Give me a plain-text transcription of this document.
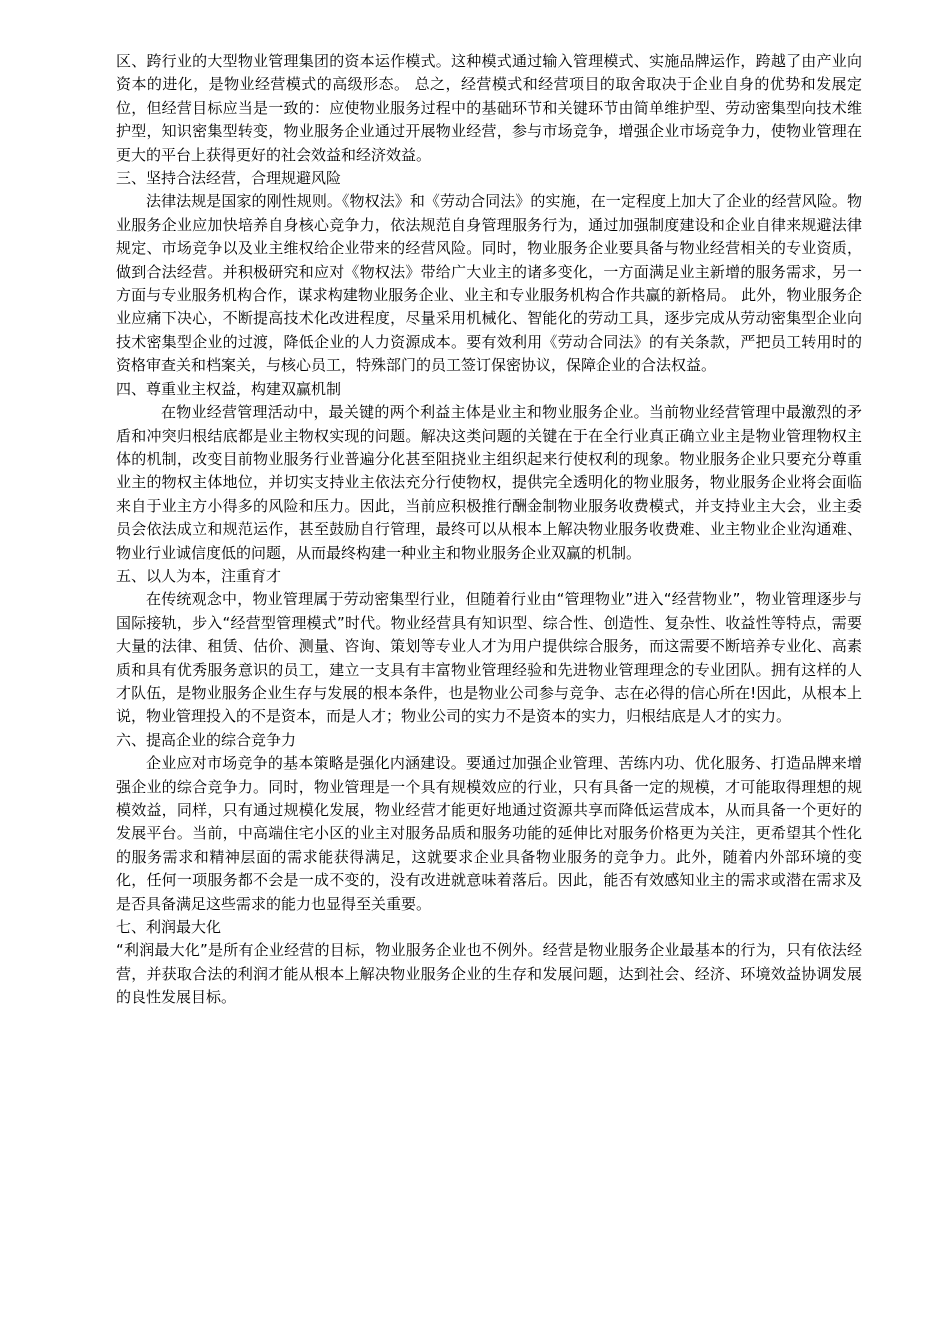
区、跨行业的大型物业管理集团的资本运作模式。这种模式通过输入管理模式、实施品牌运作，跨越了由产业向资本的进化，是物业经营模式的高级形态。 总之，经营模式和经营项目的取舍取决于企业自身的优势和发展定位，但经营目标应当是一致的：应使物业服务过程中的基础环节和关键环节由简单维护型、劳动密集型向技术维护型，知识密集型转变，物业服务企业通过开展物业经营，参与市场竞争，增强企业市场竞争力，使物业管理在更大的平台上获得更好的社会效益和经济效益。

三、坚持合法经营，合理规避风险

法律法规是国家的刚性规则。《物权法》和《劳动合同法》的实施，在一定程度上加大了企业的经营风险。物业服务企业应加快培养自身核心竞争力，依法规范自身管理服务行为，通过加强制度建设和企业自律来规避法律规定、市场竞争以及业主维权给企业带来的经营风险。同时，物业服务企业要具备与物业经营相关的专业资质，做到合法经营。并积极研究和应对《物权法》带给广大业主的诸多变化，一方面满足业主新增的服务需求，另一方面与专业服务机构合作，谋求构建物业服务企业、业主和专业服务机构合作共赢的新格局。 此外，物业服务企业应痛下决心，不断提高技术化改进程度，尽量采用机械化、智能化的劳动工具，逐步完成从劳动密集型企业向技术密集型企业的过渡，降低企业的人力资源成本。要有效利用《劳动合同法》的有关条款，严把员工转用时的资格审查关和档案关，与核心员工，特殊部门的员工签订保密协议，保障企业的合法权益。

四、尊重业主权益，构建双赢机制

在物业经营管理活动中，最关键的两个利益主体是业主和物业服务企业。当前物业经营管理中最激烈的矛盾和冲突归根结底都是业主物权实现的问题。解决这类问题的关键在于在全行业真正确立业主是物业管理物权主体的机制，改变目前物业服务行业普遍分化甚至阻挠业主组织起来行使权利的现象。物业服务企业只要充分尊重业主的物权主体地位，并切实支持业主依法充分行使物权，提供完全透明化的物业服务，物业服务企业将会面临来自于业主方小得多的风险和压力。因此，当前应积极推行酬金制物业服务收费模式，并支持业主大会，业主委员会依法成立和规范运作，甚至鼓励自行管理，最终可以从根本上解决物业服务收费难、业主物业企业沟通难、物业行业诚信度低的问题，从而最终构建一种业主和物业服务企业双赢的机制。

五、以人为本，注重育才

在传统观念中，物业管理属于劳动密集型行业，但随着行业由“管理物业”进入“经营物业”，物业管理逐步与国际接轨，步入“经营型管理模式”时代。物业经营具有知识型、综合性、创造性、复杂性、收益性等特点，需要大量的法律、租赁、估价、测量、咨询、策划等专业人才为用户提供综合服务，而这需要不断培养专业化、高素质和具有优秀服务意识的员工，建立一支具有丰富物业管理经验和先进物业管理理念的专业团队。拥有这样的人才队伍，是物业服务企业生存与发展的根本条件，也是物业公司参与竞争、志在必得的信心所在!因此，从根本上说，物业管理投入的不是资本，而是人才；物业公司的实力不是资本的实力，归根结底是人才的实力。

六、提高企业的综合竞争力

企业应对市场竞争的基本策略是强化内涵建设。要通过加强企业管理、苦练内功、优化服务、打造品牌来增强企业的综合竞争力。同时，物业管理是一个具有规模效应的行业，只有具备一定的规模，才可能取得理想的规模效益，同样，只有通过规模化发展，物业经营才能更好地通过资源共享而降低运营成本，从而具备一个更好的发展平台。当前，中高端住宅小区的业主对服务品质和服务功能的延伸比对服务价格更为关注，更希望其个性化的服务需求和精神层面的需求能获得满足，这就要求企业具备物业服务的竞争力。此外，随着内外部环境的变化，任何一项服务都不会是一成不变的，没有改进就意味着落后。因此，能否有效感知业主的需求或潜在需求及是否具备满足这些需求的能力也显得至关重要。

七、利润最大化

“利润最大化”是所有企业经营的目标，物业服务企业也不例外。经营是物业服务企业最基本的行为，只有依法经营，并获取合法的利润才能从根本上解决物业服务企业的生存和发展问题，达到社会、经济、环境效益协调发展的良性发展目标。
